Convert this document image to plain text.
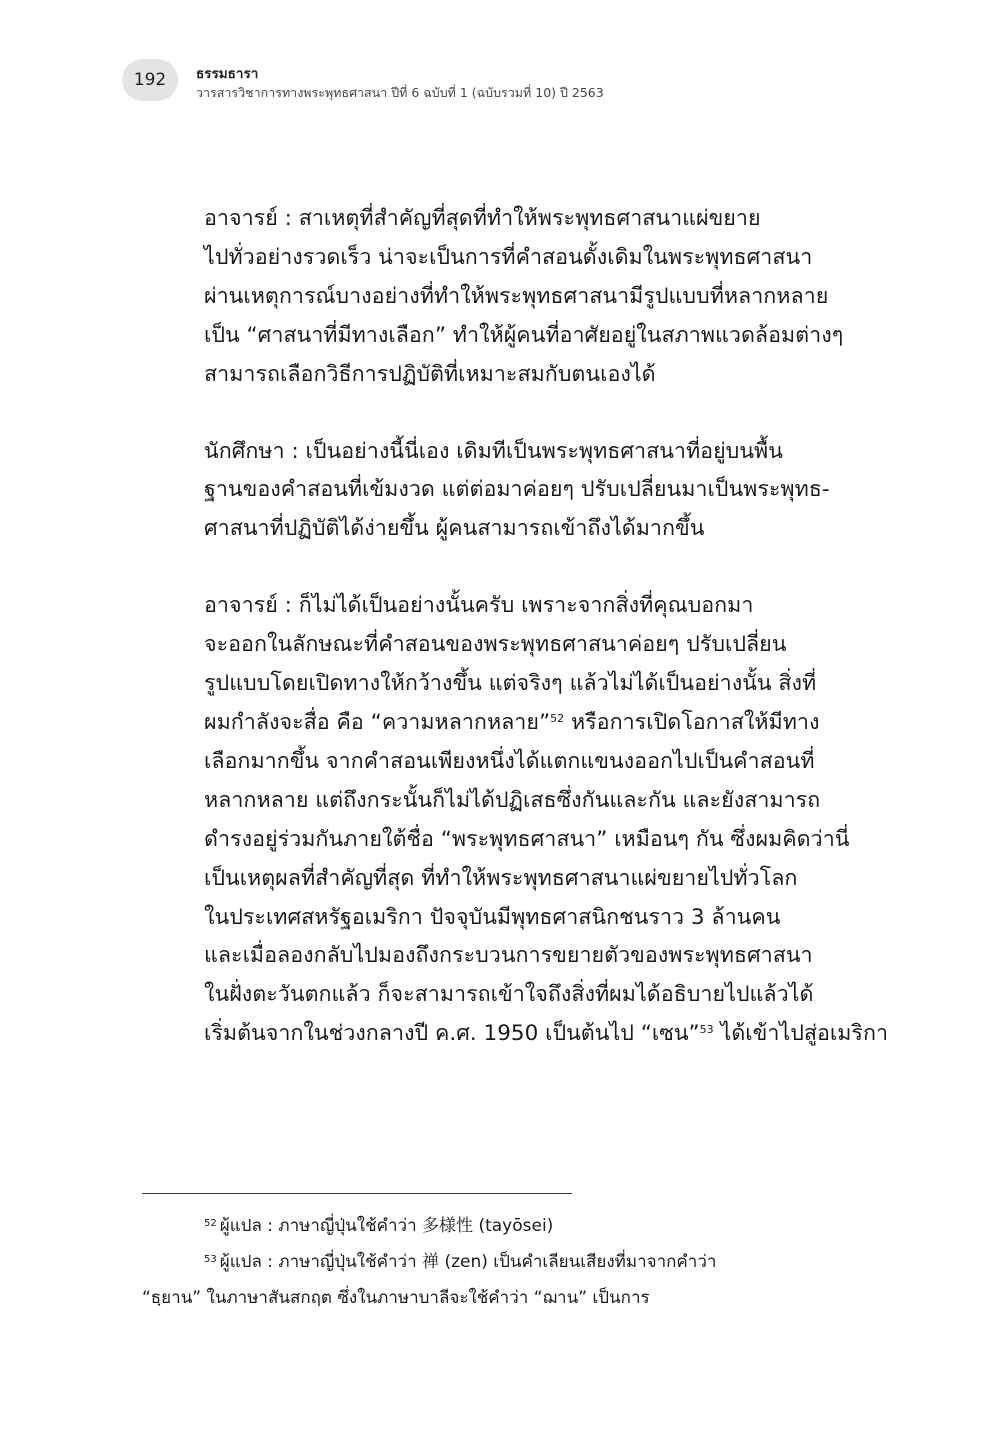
192	ธรรมธารา
วารสารวิชาการทางพระพุทธศาสนา ปีที่ 6 ฉบับที่ 1 (ฉบับรวมที่ 10) ปี 2563

อาจารย์ : สาเหตุที่สำคัญที่สุดที่ทำให้พระพุทธศาสนาแผ่ขยาย
ไปทั่วอย่างรวดเร็ว น่าจะเป็นการที่คำสอนดั้งเดิมในพระพุทธศาสนา
ผ่านเหตุการณ์บางอย่างที่ทำให้พระพุทธศาสนามีรูปแบบที่หลากหลาย
เป็น “ศาสนาที่มีทางเลือก” ทำให้ผู้คนที่อาศัยอยู่ในสภาพแวดล้อมต่างๆ
สามารถเลือกวิธีการปฏิบัติที่เหมาะสมกับตนเองได้

นักศึกษา : เป็นอย่างนี้นี่เอง เดิมทีเป็นพระพุทธศาสนาที่อยู่บนพื้น
ฐานของคำสอนที่เข้มงวด แต่ต่อมาค่อยๆ ปรับเปลี่ยนมาเป็นพระพุทธ-
ศาสนาที่ปฏิบัติได้ง่ายขึ้น ผู้คนสามารถเข้าถึงได้มากขึ้น

อาจารย์ : ก็ไม่ได้เป็นอย่างนั้นครับ เพราะจากสิ่งที่คุณบอกมา
จะออกในลักษณะที่คำสอนของพระพุทธศาสนาค่อยๆ ปรับเปลี่ยน
รูปแบบโดยเปิดทางให้กว้างขึ้น แต่จริงๆ แล้วไม่ได้เป็นอย่างนั้น สิ่งที่
ผมกำลังจะสื่อ คือ “ความหลากหลาย”$^{52}$ หรือการเปิดโอกาสให้มีทาง
เลือกมากขึ้น จากคำสอนเพียงหนึ่งได้แตกแขนงออกไปเป็นคำสอนที่
หลากหลาย แต่ถึงกระนั้นก็ไม่ได้ปฏิเสธซึ่งกันและกัน และยังสามารถ
ดำรงอยู่ร่วมกันภายใต้ชื่อ “พระพุทธศาสนา” เหมือนๆ กัน ซึ่งผมคิดว่านี่
เป็นเหตุผลที่สำคัญที่สุด ที่ทำให้พระพุทธศาสนาแผ่ขยายไปทั่วโลก

ในประเทศสหรัฐอเมริกา ปัจจุบันมีพุทธศาสนิกชนราว 3 ล้านคน
และเมื่อลองกลับไปมองถึงกระบวนการขยายตัวของพระพุทธศาสนา
ในฝั่งตะวันตกแล้ว ก็จะสามารถเข้าใจถึงสิ่งที่ผมได้อธิบายไปแล้วได้
เริ่มต้นจากในช่วงกลางปี ค.ศ. 1950 เป็นต้นไป “เซน”$^{53}$ ได้เข้าไปสู่อเมริกา

$^{52}$ ผู้แปล : ภาษาญี่ปุ่นใช้คำว่า 多様性 (tayōsei)
$^{53}$ ผู้แปล : ภาษาญี่ปุ่นใช้คำว่า 禅 (zen) เป็นคำเลียนเสียงที่มาจากคำว่า
“ธฺยาน” ในภาษาสันสกฤต ซึ่งในภาษาบาลีจะใช้คำว่า “ฌาน” เป็นการ
